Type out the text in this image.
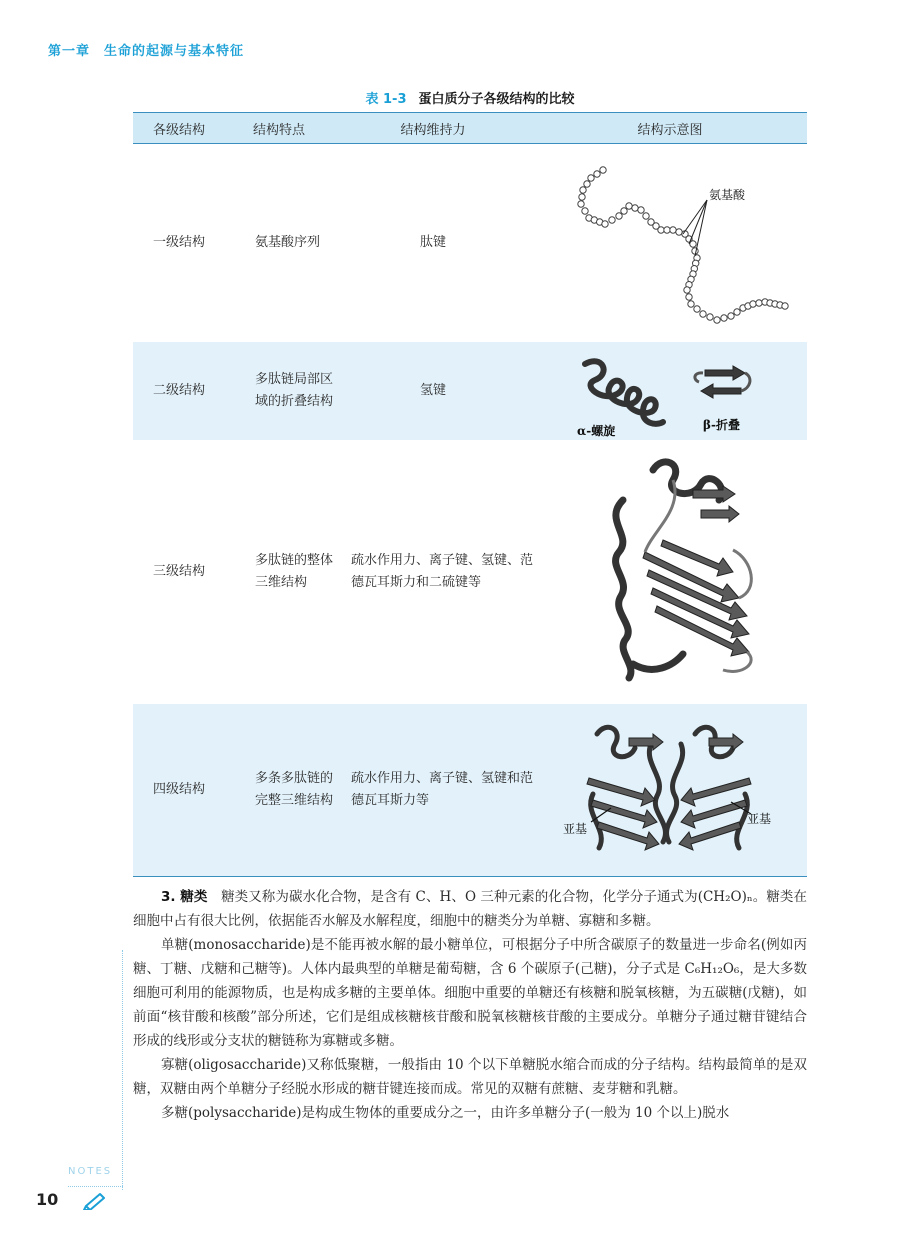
第一章 生命的起源与基本特征
表 1-3 蛋白质分子各级结构的比较
各级结构	结构特点	结构维持力	结构示意图
一级结构	氨基酸序列	肽键	氨基酸

二级结构	多肽链局部区域的折叠结构	氢键	α-螺旋 β-折叠

三级结构	多肽链的整体三维结构	疏水作用力、离子键、氢键、范德瓦耳斯力和二硫键等	
四级结构	多条多肽链的完整三维结构	疏水作用力、离子键、氢键和范德瓦耳斯力等	亚基
亚基

3. 糖类　 糖类又称为碳水化合物，是含有 C、H、O 三种元素的化合物，化学分子通式为(CH₂O)ₙ。糖类在细胞中占有很大比例，依据能否水解及水解程度，细胞中的糖类分为单糖、寡糖和多糖。

单糖(monosaccharide)是不能再被水解的最小糖单位，可根据分子中所含碳原子的数量进一步命名(例如丙糖、丁糖、戊糖和己糖等)。人体内最典型的单糖是葡萄糖，含 6 个碳原子(己糖)，分子式是 C₆H₁₂O₆，是大多数细胞可利用的能源物质，也是构成多糖的主要单体。细胞中重要的单糖还有核糖和脱氧核糖，为五碳糖(戊糖)，如前面“核苷酸和核酸”部分所述，它们是组成核糖核苷酸和脱氧核糖核苷酸的主要成分。单糖分子通过糖苷键结合形成的线形或分支状的糖链称为寡糖或多糖。

寡糖(oligosaccharide)又称低聚糖，一般指由 10 个以下单糖脱水缩合而成的分子结构。结构最简单的是双糖，双糖由两个单糖分子经脱水形成的糖苷键连接而成。常见的双糖有蔗糖、麦芽糖和乳糖。

多糖(polysaccharide)是构成生物体的重要成分之一，由许多单糖分子(一般为 10 个以上)脱水

NOTES
10
